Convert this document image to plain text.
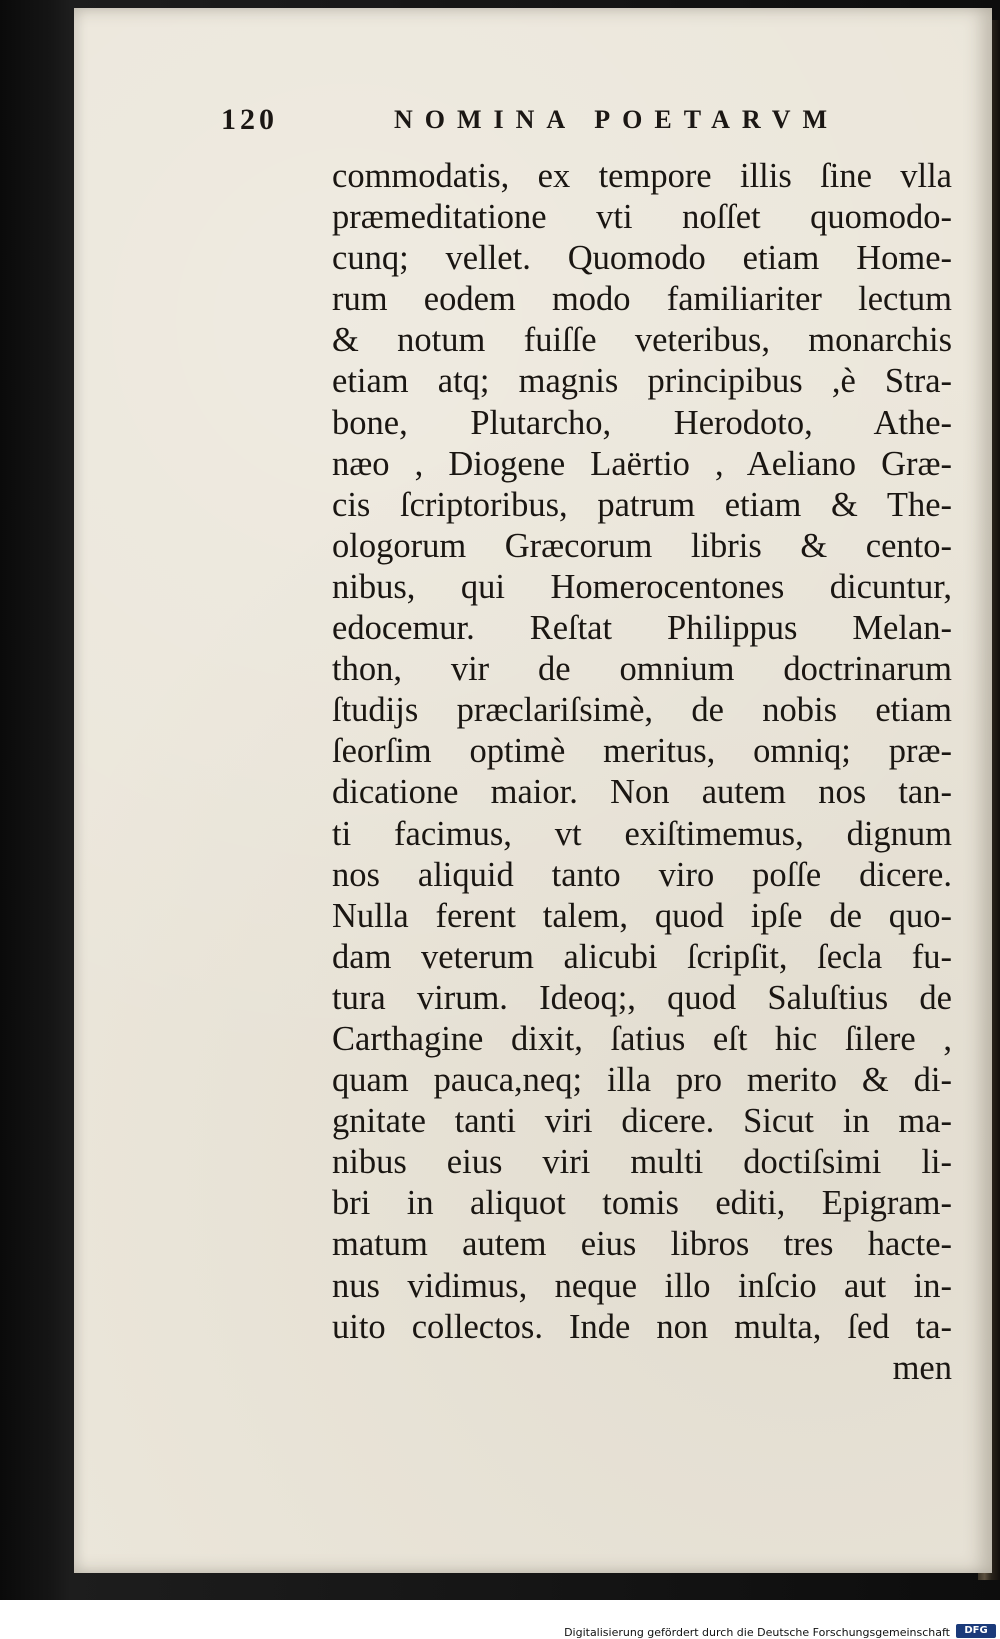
120	NOMINA POETARVM
commodatis, ex tempore illis ſine vlla
præmeditatione vti noſſet quomodo-
cunq; vellet. Quomodo etiam Home-
rum eodem modo familiariter lectum
& notum fuiſſe veteribus, monarchis
etiam atq; magnis principibus ,è Stra-
bone, Plutarcho, Herodoto, Athe-
næo , Diogene Laërtio , Aeliano Græ-
cis ſcriptoribus, patrum etiam & The-
ologorum Græcorum libris & cento-
nibus, qui Homerocentones dicuntur,
edocemur. Reſtat Philippus Melan-
thon, vir de omnium doctrinarum
ſtudijs præclariſsimè, de nobis etiam
ſeorſim optimè meritus, omniq; præ-
dicatione maior. Non autem nos tan-
ti facimus, vt exiſtimemus, dignum
nos aliquid tanto viro poſſe dicere.
Nulla ferent talem, quod ipſe de quo-
dam veterum alicubi ſcripſit, ſecla fu-
tura virum. Ideoq;, quod Saluſtius de
Carthagine dixit, ſatius eſt hic ſilere ,
quam pauca,neq; illa pro merito & di-
gnitate tanti viri dicere. Sicut in ma-
nibus eius viri multi doctiſsimi li-
bri in aliquot tomis editi, Epigram-
matum autem eius libros tres hacte-
nus vidimus, neque illo inſcio aut in-
uito collectos. Inde non multa, ſed ta-
men
Digitalisierung gefördert durch die Deutsche Forschungsgemeinschaft	DFG
